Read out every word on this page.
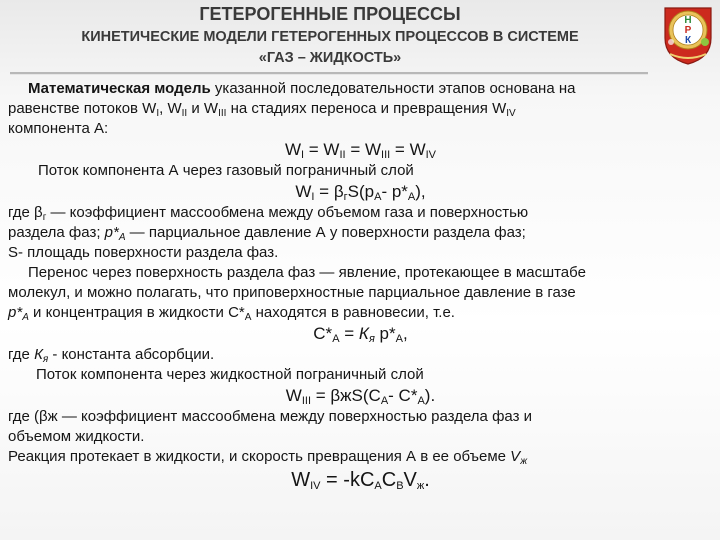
ГЕТЕРОГЕННЫЕ ПРОЦЕССЫ
КИНЕТИЧЕСКИЕ МОДЕЛИ ГЕТЕРОГЕННЫХ ПРОЦЕССОВ В СИСТЕМЕ
«ГАЗ – ЖИДКОСТЬ»
Н
Р
К
Математическая модель указанной последовательности этапов основана на
равенстве потоков $W_I$, $W_{II}$ и $W_{III}$ на стадиях переноса и превращения $W_{IV}$
компонента А:
$W_I = W_{II} = W_{III} = W_{IV}$
Поток компонента А через газовый пограничный слой
$W_I = \beta_гS(p_A-$ $p*_A$),
где $\beta_г$ — коэффициент массообмена между объемом газа и поверхностью
раздела фаз; $р*_A$ — парциальное давление А у поверхности раздела фаз;
S- площадь поверхности раздела фаз.
Перенос через поверхность раздела фаз — явление, протекающее в масштабе
молекул, и можно полагать, что приповерхностные парциальное давление в газе
$р*_A$ и концентрация в жидкости $С*_A$ находятся в равновесии, т.е.
$С*_A = К_я$ $р*_A$,
где $К_я$ - константа абсорбции.
Поток компонента через жидкостной пограничный слой
$W_{III} = \beta жS(С_A-$ $С*_A$).
где (βж — коэффициент массообмена между поверхностью раздела фаз и
объемом жидкости.
Реакция протекает в жидкости, и скорость превращения А в ее объеме $V_ж$
$W_{IV} = -kС_AС_BV_ж$.
